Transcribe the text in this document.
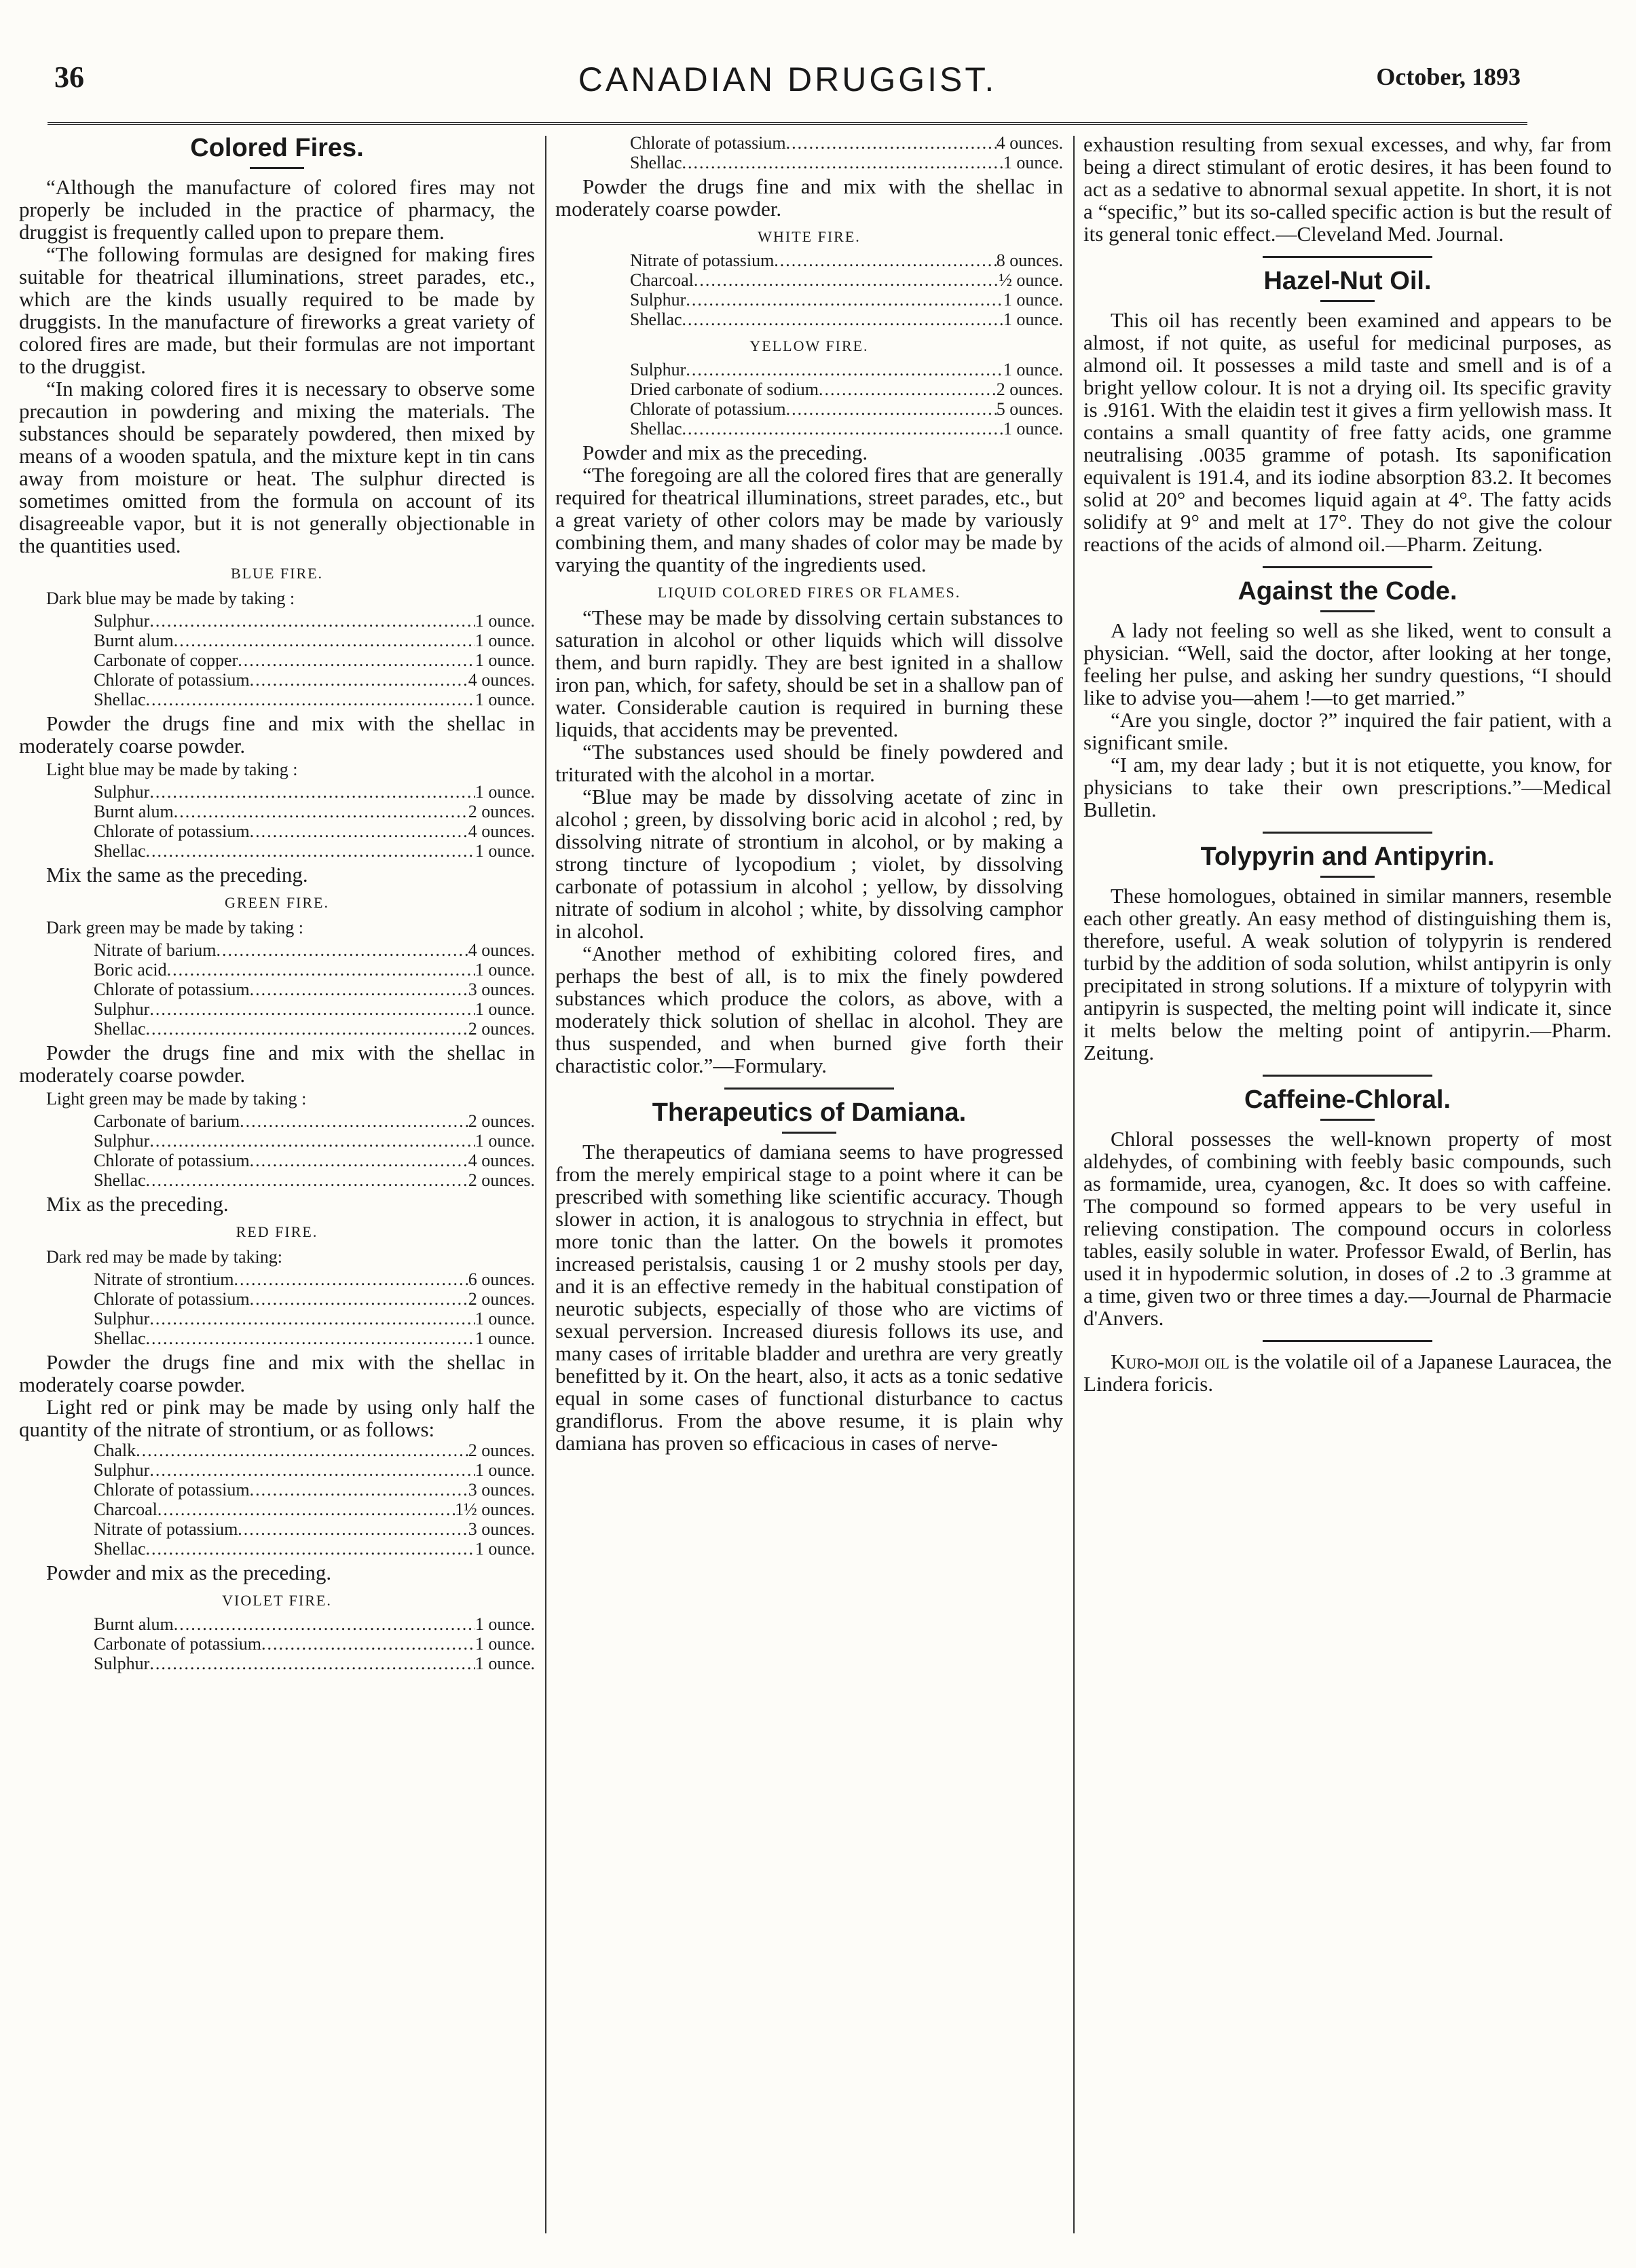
36	CANADIAN DRUGGIST.	October, 1893
Colored Fires.

“Although the manufacture of colored fires may not properly be included in the practice of pharmacy, the druggist is frequently called upon to prepare them.

“The following formulas are designed for making fires suitable for theatrical illuminations, street parades, etc., which are the kinds usually required to be made by druggists. In the manufacture of fireworks a great variety of colored fires are made, but their formulas are not important to the druggist.

“In making colored fires it is necessary to observe some precaution in powdering and mixing the materials. The substances should be separately powdered, then mixed by means of a wooden spatula, and the mixture kept in tin cans away from moisture or heat. The sulphur directed is sometimes omitted from the formula on account of its disagreeable vapor, but it is not generally objectionable in the quantities used.

BLUE FIRE.
Dark blue may be made by taking :
Sulphur .....	1 ounce.
Burnt alum .....	1 ounce.
Carbonate of copper .....	1 ounce.
Chlorate of potassium .....	4 ounces.
Shellac .....	1 ounce.

Powder the drugs fine and mix with the shellac in moderately coarse powder.

Light blue may be made by taking :
Sulphur .....	1 ounce.
Burnt alum .....	2 ounces.
Chlorate of potassium .....	4 ounces.
Shellac .....	1 ounce.

Mix the same as the preceding.

GREEN FIRE.
Dark green may be made by taking :
Nitrate of barium .....	4 ounces.
Boric acid .....	1 ounce.
Chlorate of potassium .....	3 ounces.
Sulphur .....	1 ounce.
Shellac .....	2 ounces.

Powder the drugs fine and mix with the shellac in moderately coarse powder.

Light green may be made by taking :
Carbonate of barium .....	2 ounces.
Sulphur .....	1 ounce.
Chlorate of potassium .....	4 ounces.
Shellac .....	2 ounces.

Mix as the preceding.

RED FIRE.
Dark red may be made by taking:
Nitrate of strontium .....	6 ounces.
Chlorate of potassium .....	2 ounces.
Sulphur .....	1 ounce.
Shellac .....	1 ounce.

Powder the drugs fine and mix with the shellac in moderately coarse powder.

Light red or pink may be made by using only half the quantity of the nitrate of strontium, or as follows:

Chalk .....	2 ounces.
Sulphur .....	1 ounce.
Chlorate of potassium .....	3 ounces.
Charcoal .....	1½ ounces.
Nitrate of potassium .....	3 ounces.
Shellac .....	1 ounce.

Powder and mix as the preceding.

VIOLET FIRE.
Burnt alum .....	1 ounce.
Carbonate of potassium .....	1 ounce.
Sulphur .....	1 ounce.
Chlorate of potassium .....	4 ounces.
Shellac .....	1 ounce.

Powder the drugs fine and mix with the shellac in moderately coarse powder.

WHITE FIRE.
Nitrate of potassium .....	8 ounces.
Charcoal .....	½ ounce.
Sulphur .....	1 ounce.
Shellac .....	1 ounce.
YELLOW FIRE.
Sulphur .....	1 ounce.
Dried carbonate of sodium .....	2 ounces.
Chlorate of potassium .....	5 ounces.
Shellac .....	1 ounce.

Powder and mix as the preceding.

“The foregoing are all the colored fires that are generally required for theatrical illuminations, street parades, etc., but a great variety of other colors may be made by variously combining them, and many shades of color may be made by varying the quantity of the ingredients used.

LIQUID COLORED FIRES OR FLAMES.

“These may be made by dissolving certain substances to saturation in alcohol or other liquids which will dissolve them, and burn rapidly. They are best ignited in a shallow iron pan, which, for safety, should be set in a shallow pan of water. Considerable caution is required in burning these liquids, that accidents may be prevented.

“The substances used should be finely powdered and triturated with the alcohol in a mortar.

“Blue may be made by dissolving acetate of zinc in alcohol ; green, by dissolving boric acid in alcohol ; red, by dissolving nitrate of strontium in alcohol, or by making a strong tincture of lycopodium ; violet, by dissolving carbonate of potassium in alcohol ; yellow, by dissolving nitrate of sodium in alcohol ; white, by dissolving camphor in alcohol.

“Another method of exhibiting colored fires, and perhaps the best of all, is to mix the finely powdered substances which produce the colors, as above, with a moderately thick solution of shellac in alcohol. They are thus suspended, and when burned give forth their charactistic color.”—Formulary.

Therapeutics of Damiana.

The therapeutics of damiana seems to have progressed from the merely empirical stage to a point where it can be prescribed with something like scientific accuracy. Though slower in action, it is analogous to strychnia in effect, but more tonic than the latter. On the bowels it promotes increased peristalsis, causing 1 or 2 mushy stools per day, and it is an effective remedy in the habitual constipation of neurotic subjects, especially of those who are victims of sexual perversion. Increased diuresis follows its use, and many cases of irritable bladder and urethra are very greatly benefitted by it. On the heart, also, it acts as a tonic sedative equal in some cases of functional disturbance to cactus grandiflorus. From the above resume, it is plain why damiana has proven so efficacious in cases of nerve-

exhaustion resulting from sexual excesses, and why, far from being a direct stimulant of erotic desires, it has been found to act as a sedative to abnormal sexual appetite. In short, it is not a “specific,” but its so-called specific action is but the result of its general tonic effect.—Cleveland Med. Journal.

Hazel-Nut Oil.

This oil has recently been examined and appears to be almost, if not quite, as useful for medicinal purposes, as almond oil. It possesses a mild taste and smell and is of a bright yellow colour. It is not a drying oil. Its specific gravity is .9161. With the elaidin test it gives a firm yellowish mass. It contains a small quantity of free fatty acids, one gramme neutralising .0035 gramme of potash. Its saponification equivalent is 191.4, and its iodine absorption 83.2. It becomes solid at 20° and becomes liquid again at 4°. The fatty acids solidify at 9° and melt at 17°. They do not give the colour reactions of the acids of almond oil.—Pharm. Zeitung.

Against the Code.

A lady not feeling so well as she liked, went to consult a physician. “Well, said the doctor, after looking at her tonge, feeling her pulse, and asking her sundry questions, “I should like to advise you—ahem !—to get married.”

“Are you single, doctor ?” inquired the fair patient, with a significant smile.

“I am, my dear lady ; but it is not etiquette, you know, for physicians to take their own prescriptions.”—Medical Bulletin.

Tolypyrin and Antipyrin.

These homologues, obtained in similar manners, resemble each other greatly. An easy method of distinguishing them is, therefore, useful. A weak solution of tolypyrin is rendered turbid by the addition of soda solution, whilst antipyrin is only precipitated in strong solutions. If a mixture of tolypyrin with antipyrin is suspected, the melting point will indicate it, since it melts below the melting point of antipyrin.—Pharm. Zeitung.

Caffeine-Chloral.

Chloral possesses the well-known property of most aldehydes, of combining with feebly basic compounds, such as formamide, urea, cyanogen, &c. It does so with caffeine. The compound so formed appears to be very useful in relieving constipation. The compound occurs in colorless tables, easily soluble in water. Professor Ewald, of Berlin, has used it in hypodermic solution, in doses of .2 to .3 gramme at a time, given two or three times a day.—Journal de Pharmacie d'Anvers.

Kuro-moji oil is the volatile oil of a Japanese Lauracea, the Lindera foricis.
